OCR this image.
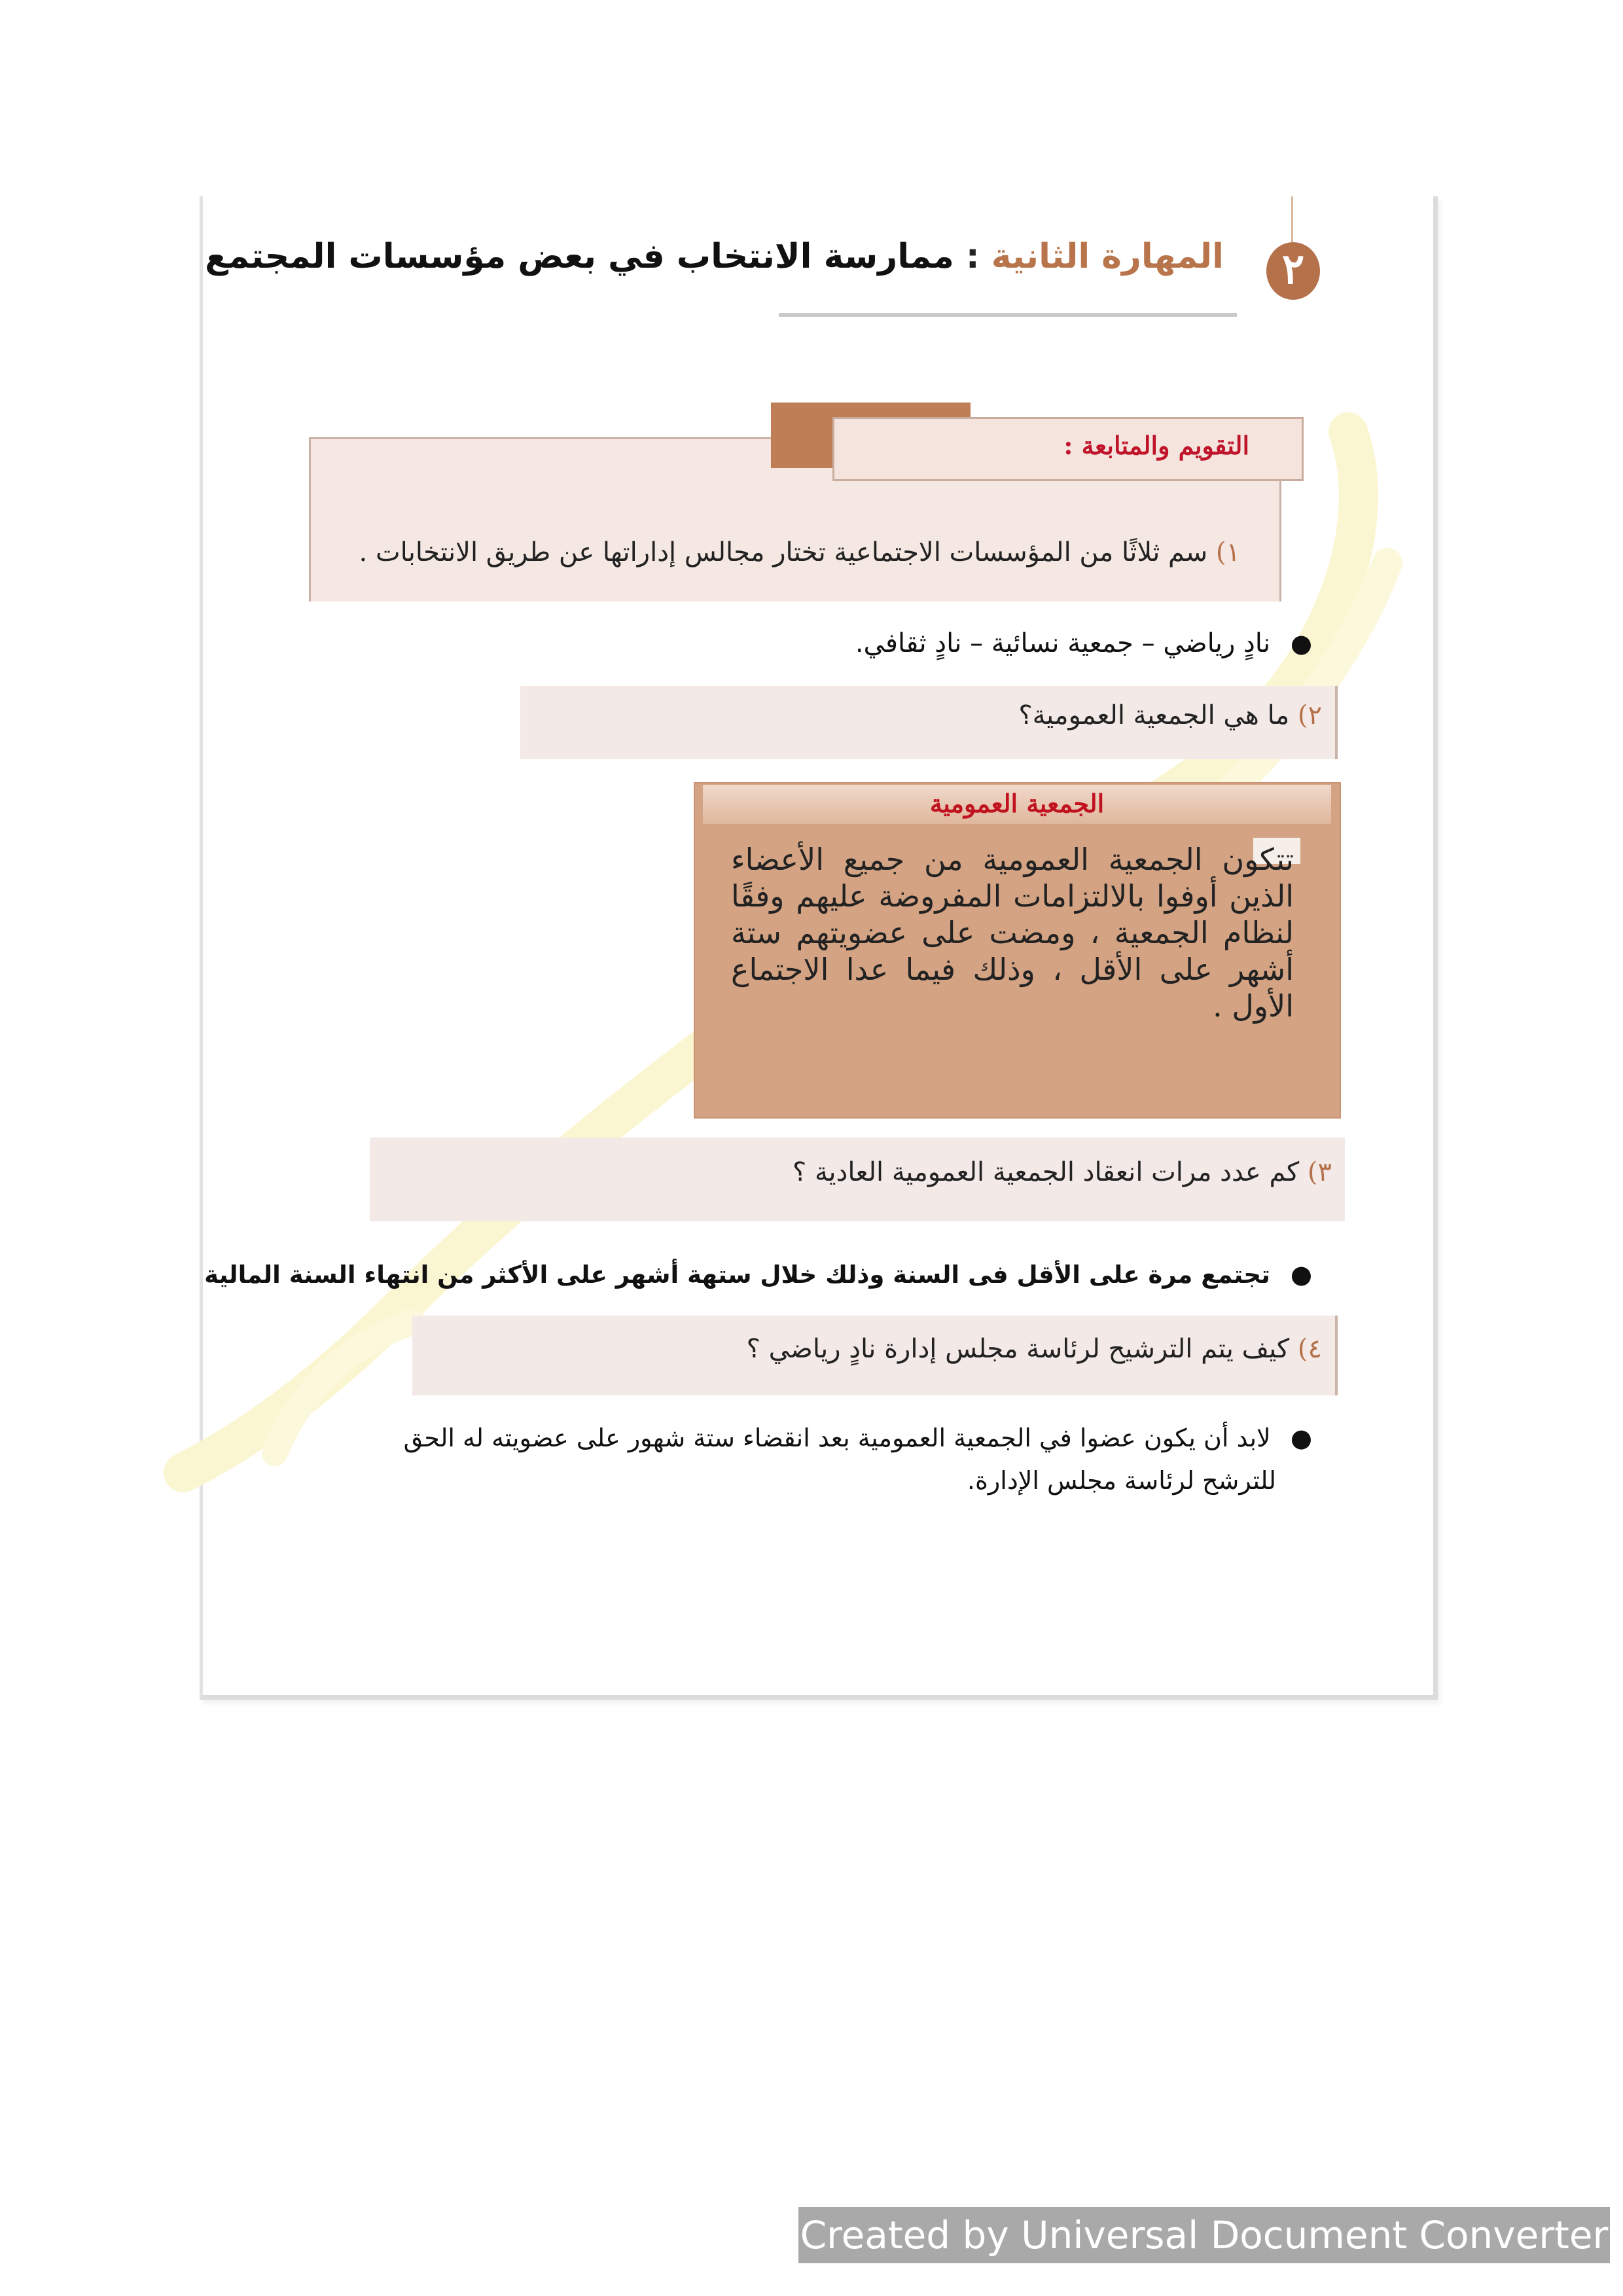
٢
المهارة الثانية : ممارسة الانتخاب في بعض مؤسسات المجتمع
١) سم ثلاثًا من المؤسسات الاجتماعية تختار مجالس إداراتها عن طريق الانتخابات .
التقويم والمتابعة :
● نادٍ رياضي – جمعية نسائية – نادٍ ثقافي.
٢) ما هي الجمعية العمومية؟
الجمعية العمومية
تتكون الجمعية العمومية من جميع الأعضاء الذين أوفوا بالالتزامات المفروضة عليهم وفقًا لنظام الجمعية ، ومضت على عضويتهم ستة أشهر على الأقل ، وذلك فيما عدا الاجتماع الأول .
٣) كم عدد مرات انعقاد الجمعية العمومية العادية ؟
● تجتمع مرة على الأقل فى السنة وذلك خلال ستهة أشهر على الأكثر من انتهاء السنة المالية
٤) كيف يتم الترشيح لرئاسة مجلس إدارة نادٍ رياضي ؟
● لابد أن يكون عضوا في الجمعية العمومية بعد انقضاء ستة شهور على عضويته له الحق
للترشح لرئاسة مجلس الإدارة.
Created by Universal Document Converter
